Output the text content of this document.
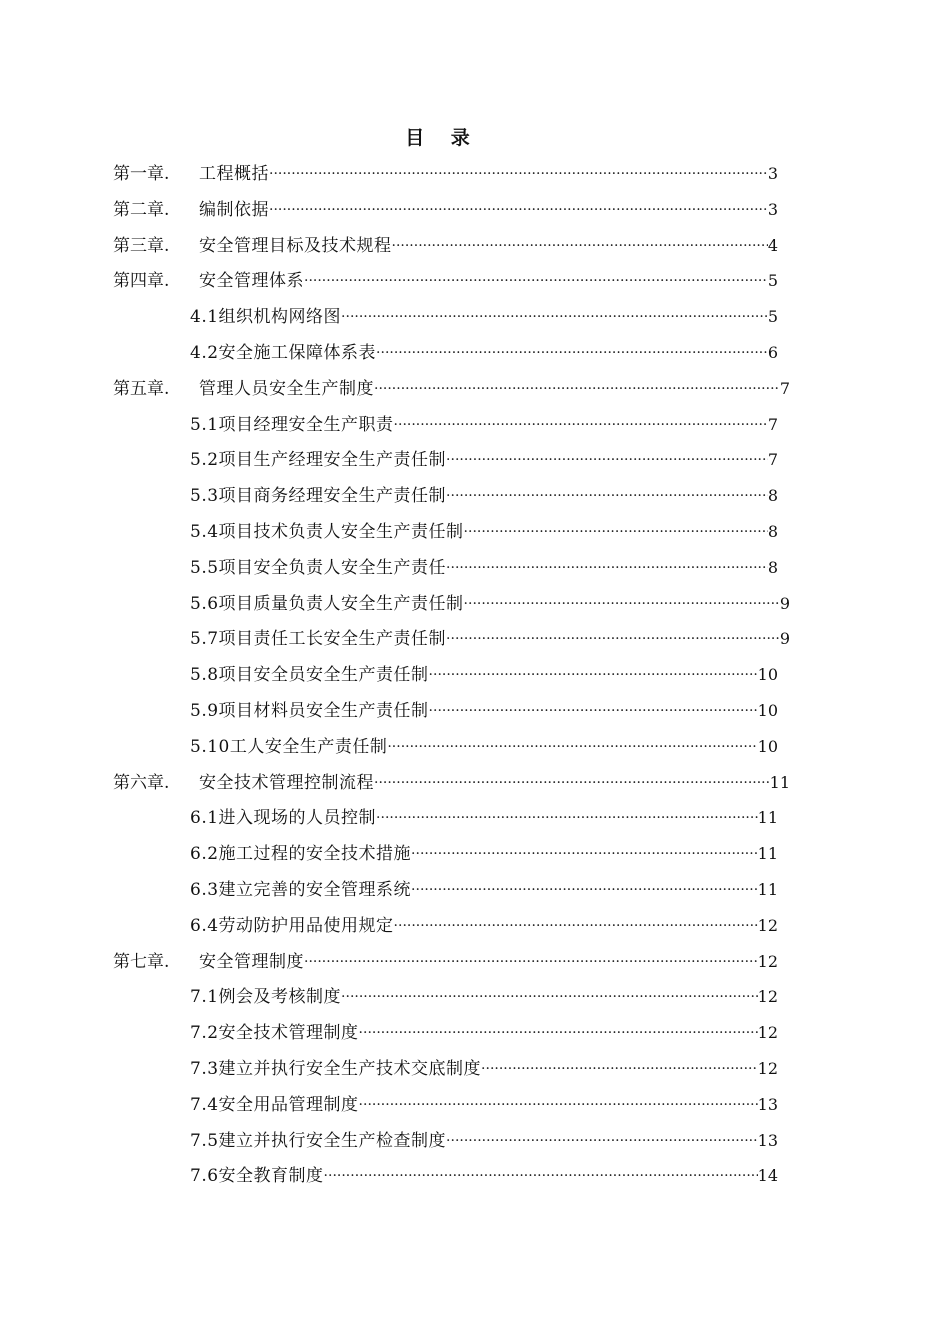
目 录
第一章.	工程概括 ·····	3
第二章.	编制依据 ·····	3
第三章.	安全管理目标及技术规程 ·····	4
第四章.	安全管理体系 ·····	5
4.1组织机构网络图 ·····	5
4.2安全施工保障体系表 ·····	6
第五章.	管理人员安全生产制度 ·····	7
5.1项目经理安全生产职责 ·····	7
5.2项目生产经理安全生产责任制 ·····	7
5.3项目商务经理安全生产责任制 ·····	8
5.4项目技术负责人安全生产责任制 ·····	8
5.5项目安全负责人安全生产责任 ·····	8
5.6项目质量负责人安全生产责任制 ·····	9
5.7项目责任工长安全生产责任制 ·····	9
5.8项目安全员安全生产责任制 ·····	10
5.9项目材料员安全生产责任制 ·····	10
5.10工人安全生产责任制 ·····	10
第六章.	安全技术管理控制流程 ·····	11
6.1进入现场的人员控制 ·····	11
6.2施工过程的安全技术措施 ·····	11
6.3建立完善的安全管理系统 ·····	11
6.4劳动防护用品使用规定 ·····	12
第七章.	安全管理制度 ·····	12
7.1例会及考核制度 ·····	12
7.2安全技术管理制度 ·····	12
7.3建立并执行安全生产技术交底制度 ·····	12
7.4安全用品管理制度 ·····	13
7.5建立并执行安全生产检查制度 ·····	13
7.6安全教育制度 ·····	14
